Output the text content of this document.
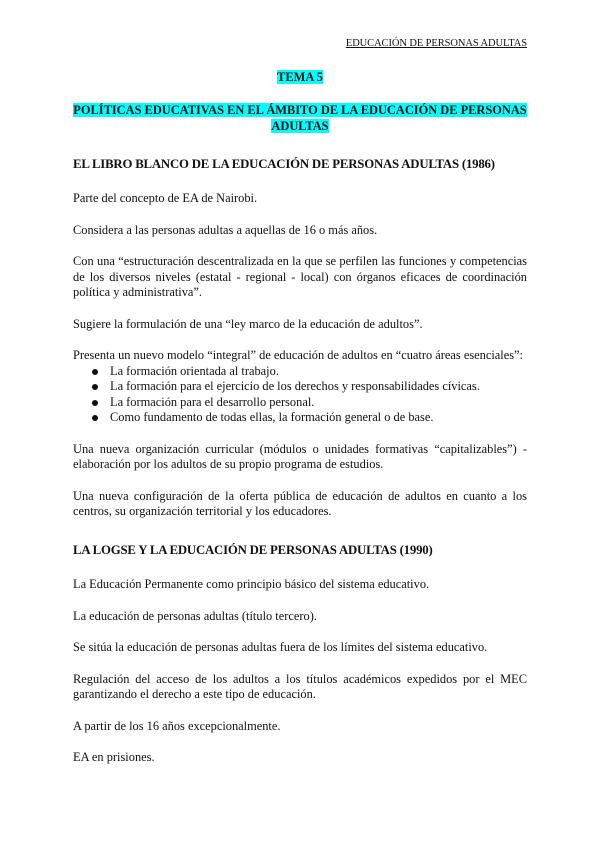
EDUCACIÓN DE PERSONAS ADULTAS

TEMA 5

POLÍTICAS EDUCATIVAS EN EL ÁMBITO DE LA EDUCACIÓN DE PERSONAS
ADULTAS

EL LIBRO BLANCO DE LA EDUCACIÓN DE PERSONAS ADULTAS (1986)

Parte del concepto de EA de Nairobi.

Considera a las personas adultas a aquellas de 16 o más años.

Con una “estructuración descentralizada en la que se perfilen las funciones y competencias de los diversos niveles (estatal - regional - local) con órganos eficaces de coordinación política y administrativa”.

Sugiere la formulación de una “ley marco de la educación de adultos”.

Presenta un nuevo modelo “integral” de educación de adultos en “cuatro áreas esenciales”:

La formación orientada al trabajo.
La formación para el ejercicio de los derechos y responsabilidades cívicas.
La formación para el desarrollo personal.
Como fundamento de todas ellas, la formación general o de base.

Una nueva organización curricular (módulos o unidades formativas “capitalizables”) - elaboración por los adultos de su propio programa de estudios.

Una nueva configuración de la oferta pública de educación de adultos en cuanto a los centros, su organización territorial y los educadores.

LA LOGSE Y LA EDUCACIÓN DE PERSONAS ADULTAS (1990)

La Educación Permanente como principio básico del sistema educativo.

La educación de personas adultas (título tercero).

Se sitúa la educación de personas adultas fuera de los límites del sistema educativo.

Regulación del acceso de los adultos a los títulos académicos expedidos por el MEC garantizando el derecho a este tipo de educación.

A partir de los 16 años excepcionalmente.

EA en prisiones.
